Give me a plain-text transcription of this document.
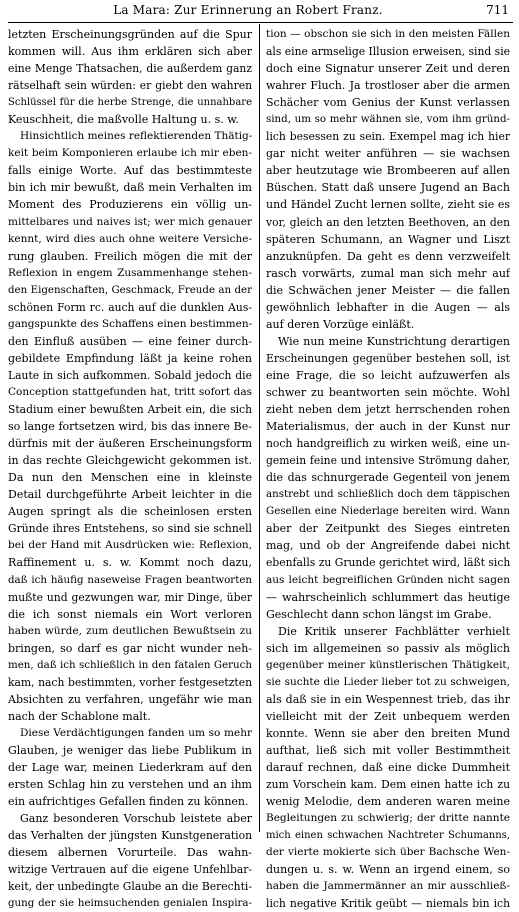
La Mara: Zur Erinnerung an Robert Franz.	711
letzten Erscheinungsgründen auf die Spur
kommen will. Aus ihm erklären sich aber
eine Menge Thatsachen, die außerdem ganz
rätselhaft sein würden: er giebt den wahren
Schlüssel für die herbe Strenge, die unnahbare
Keuschheit, die maßvolle Haltung u. s. w.
Hinsichtlich meines reflektierenden Thätig-
keit beim Komponieren erlaube ich mir eben-
falls einige Worte. Auf das bestimmteste
bin ich mir bewußt, daß mein Verhalten im
Moment des Produzierens ein völlig un-
mittelbares und naives ist; wer mich genauer
kennt, wird dies auch ohne weitere Versiche-
rung glauben. Freilich mögen die mit der
Reflexion in engem Zusammenhange stehen-
den Eigenschaften, Geschmack, Freude an der
schönen Form rc. auch auf die dunklen Aus-
gangspunkte des Schaffens einen bestimmen-
den Einfluß ausüben — eine feiner durch-
gebildete Empfindung läßt ja keine rohen
Laute in sich aufkommen. Sobald jedoch die
Conception stattgefunden hat, tritt sofort das
Stadium einer bewußten Arbeit ein, die sich
so lange fortsetzen wird, bis das innere Be-
dürfnis mit der äußeren Erscheinungsform
in das rechte Gleichgewicht gekommen ist.
Da nun den Menschen eine in kleinste
Detail durchgeführte Arbeit leichter in die
Augen springt als die scheinlosen ersten
Gründe ihres Entstehens, so sind sie schnell
bei der Hand mit Ausdrücken wie: Reflexion,
Raffinement u. s. w. Kommt noch dazu,
daß ich häufig naseweise Fragen beantworten
mußte und gezwungen war, mir Dinge, über
die ich sonst niemals ein Wort verloren
haben würde, zum deutlichen Bewußtsein zu
bringen, so darf es gar nicht wunder neh-
men, daß ich schließlich in den fatalen Geruch
kam, nach bestimmten, vorher festgesetzten
Absichten zu verfahren, ungefähr wie man
nach der Schablone malt.
Diese Verdächtigungen fanden um so mehr
Glauben, je weniger das liebe Publikum in
der Lage war, meinen Liederkram auf den
ersten Schlag hin zu verstehen und an ihm
ein aufrichtiges Gefallen finden zu können.
Ganz besonderen Vorschub leistete aber
das Verhalten der jüngsten Kunstgeneration
diesem albernen Vorurteile. Das wahn-
witzige Vertrauen auf die eigene Unfehlbar-
keit, der unbedingte Glaube an die Berechti-
gung der sie heimsuchenden genialen Inspira-
tion — obschon sie sich in den meisten Fällen
als eine armselige Illusion erweisen, sind sie
doch eine Signatur unserer Zeit und deren
wahrer Fluch. Ja trostloser aber die armen
Schächer vom Genius der Kunst verlassen
sind, um so mehr wähnen sie, vom ihm gründ-
lich besessen zu sein. Exempel mag ich hier
gar nicht weiter anführen — sie wachsen
aber heutzutage wie Brombeeren auf allen
Büschen. Statt daß unsere Jugend an Bach
und Händel Zucht lernen sollte, zieht sie es
vor, gleich an den letzten Beethoven, an den
späteren Schumann, an Wagner und Liszt
anzuknüpfen. Da geht es denn verzweifelt
rasch vorwärts, zumal man sich mehr auf
die Schwächen jener Meister — die fallen
gewöhnlich lebhafter in die Augen — als
auf deren Vorzüge einläßt.
Wie nun meine Kunstrichtung derartigen
Erscheinungen gegenüber bestehen soll, ist
eine Frage, die so leicht aufzuwerfen als
schwer zu beantworten sein möchte. Wohl
zieht neben dem jetzt herrschenden rohen
Materialismus, der auch in der Kunst nur
noch handgreiflich zu wirken weiß, eine un-
gemein feine und intensive Strömung daher,
die das schnurgerade Gegenteil von jenem
anstrebt und schließlich doch dem täppischen
Gesellen eine Niederlage bereiten wird. Wann
aber der Zeitpunkt des Sieges eintreten
mag, und ob der Angreifende dabei nicht
ebenfalls zu Grunde gerichtet wird, läßt sich
aus leicht begreiflichen Gründen nicht sagen
— wahrscheinlich schlummert das heutige
Geschlecht dann schon längst im Grabe.
Die Kritik unserer Fachblätter verhielt
sich im allgemeinen so passiv als möglich
gegenüber meiner künstlerischen Thätigkeit,
sie suchte die Lieder lieber tot zu schweigen,
als daß sie in ein Wespennest trieb, das ihr
vielleicht mit der Zeit unbequem werden
konnte. Wenn sie aber den breiten Mund
aufthat, ließ sich mit voller Bestimmtheit
darauf rechnen, daß eine dicke Dummheit
zum Vorschein kam. Dem einen hatte ich zu
wenig Melodie, dem anderen waren meine
Begleitungen zu schwierig; der dritte nannte
mich einen schwachen Nachtreter Schumanns,
der vierte mokierte sich über Bachsche Wen-
dungen u. s. w. Wenn an irgend einem, so
haben die Jammermänner an mir ausschließ-
lich negative Kritik geübt — niemals bin ich
